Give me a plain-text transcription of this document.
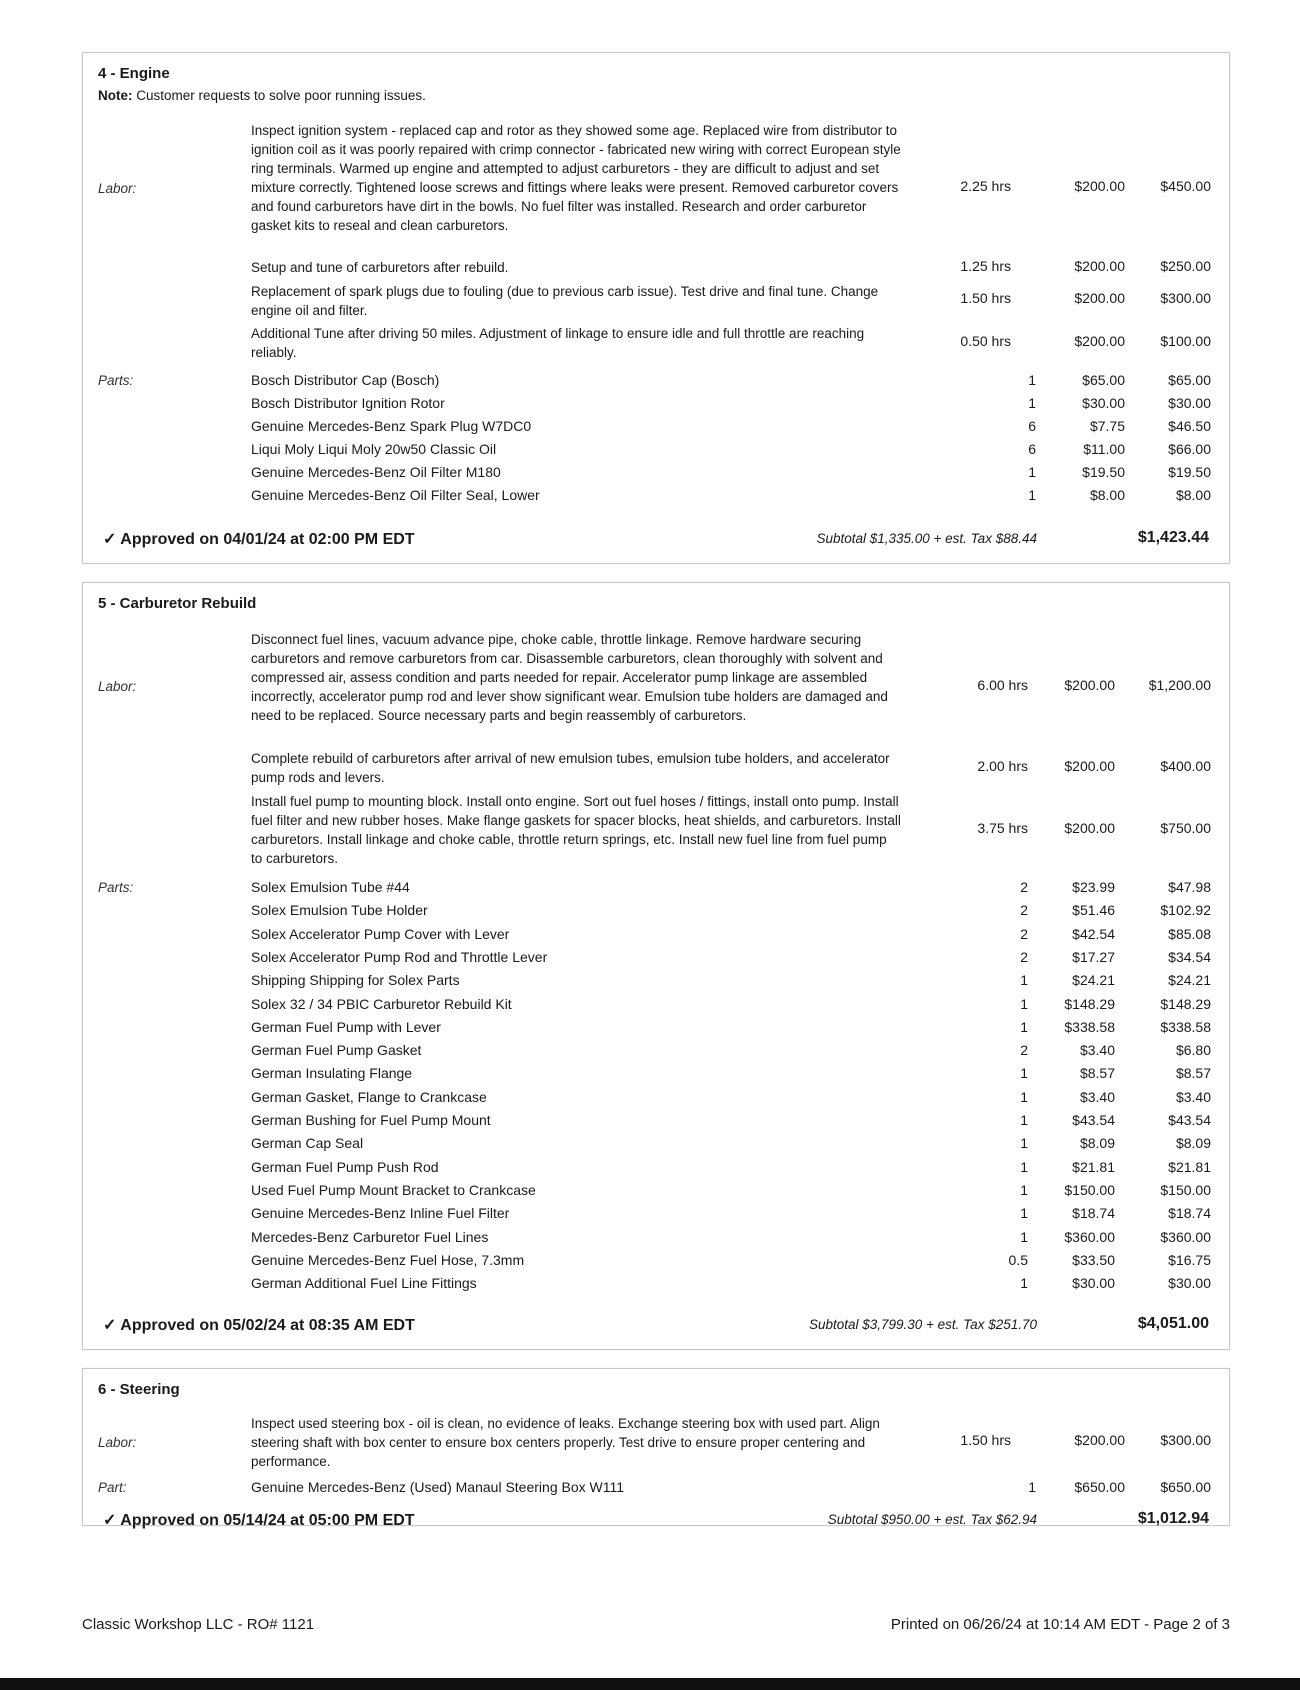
4 - Engine
Note: Customer requests to solve poor running issues.
Labor:
Inspect ignition system - replaced cap and rotor as they showed some age. Replaced wire from distributor to ignition coil as it was poorly repaired with crimp connector - fabricated new wiring with correct European style ring terminals. Warmed up engine and attempted to adjust carburetors - they are difficult to adjust and set mixture correctly. Tightened loose screws and fittings where leaks were present. Removed carburetor covers and found carburetors have dirt in the bowls. No fuel filter was installed. Research and order carburetor gasket kits to reseal and clean carburetors.
2.25 hrs	$200.00	$450.00
Setup and tune of carburetors after rebuild.	1.25 hrs	$200.00	$250.00
Replacement of spark plugs due to fouling (due to previous carb issue). Test drive and final tune. Change engine oil and filter.
1.50 hrs	$200.00	$300.00
Additional Tune after driving 50 miles. Adjustment of linkage to ensure idle and full throttle are reaching reliably.
0.50 hrs	$200.00	$100.00
Parts:	Bosch Distributor Cap (Bosch)	1	$65.00	$65.00
Bosch Distributor Ignition Rotor	1	$30.00	$30.00
Genuine Mercedes-Benz Spark Plug W7DC0	6	$7.75	$46.50
Liqui Moly Liqui Moly 20w50 Classic Oil	6	$11.00	$66.00
Genuine Mercedes-Benz Oil Filter M180	1	$19.50	$19.50
Genuine Mercedes-Benz Oil Filter Seal, Lower	1	$8.00	$8.00
✓ Approved on 04/01/24 at 02:00 PM EDT	Subtotal $1,335.00 + est. Tax $88.44	$1,423.44
5 - Carburetor Rebuild
Labor:
Disconnect fuel lines, vacuum advance pipe, choke cable, throttle linkage. Remove hardware securing carburetors and remove carburetors from car. Disassemble carburetors, clean thoroughly with solvent and compressed air, assess condition and parts needed for repair. Accelerator pump linkage are assembled incorrectly, accelerator pump rod and lever show significant wear. Emulsion tube holders are damaged and need to be replaced. Source necessary parts and begin reassembly of carburetors.
6.00 hrs	$200.00 $1,200.00
Complete rebuild of carburetors after arrival of new emulsion tubes, emulsion tube holders, and accelerator pump rods and levers.
2.00 hrs	$200.00	$400.00
Install fuel pump to mounting block. Install onto engine. Sort out fuel hoses / fittings, install onto pump. Install fuel filter and new rubber hoses. Make flange gaskets for spacer blocks, heat shields, and carburetors. Install carburetors. Install linkage and choke cable, throttle return springs, etc. Install new fuel line from fuel pump to carburetors.
3.75 hrs	$200.00	$750.00
Parts:	Solex Emulsion Tube #44	2	$23.99	$47.98
Solex Emulsion Tube Holder	2	$51.46	$102.92
Solex Accelerator Pump Cover with Lever	2	$42.54	$85.08
Solex Accelerator Pump Rod and Throttle Lever	2	$17.27	$34.54
Shipping Shipping for Solex Parts	1	$24.21	$24.21
Solex 32 / 34 PBIC Carburetor Rebuild Kit	1	$148.29	$148.29
German Fuel Pump with Lever	1	$338.58	$338.58
German Fuel Pump Gasket	2	$3.40	$6.80
German Insulating Flange	1	$8.57	$8.57
German Gasket, Flange to Crankcase	1	$3.40	$3.40
German Bushing for Fuel Pump Mount	1	$43.54	$43.54
German Cap Seal	1	$8.09	$8.09
German Fuel Pump Push Rod	1	$21.81	$21.81
Used Fuel Pump Mount Bracket to Crankcase	1	$150.00	$150.00
Genuine Mercedes-Benz Inline Fuel Filter	1	$18.74	$18.74
Mercedes-Benz Carburetor Fuel Lines	1	$360.00	$360.00
Genuine Mercedes-Benz Fuel Hose, 7.3mm	0.5	$33.50	$16.75
German Additional Fuel Line Fittings	1	$30.00	$30.00
✓ Approved on 05/02/24 at 08:35 AM EDT	Subtotal $3,799.30 + est. Tax $251.70	$4,051.00
6 - Steering
Labor:
Inspect used steering box - oil is clean, no evidence of leaks. Exchange steering box with used part. Align steering shaft with box center to ensure box centers properly. Test drive to ensure proper centering and performance.
1.50 hrs	$200.00	$300.00
Part:	Genuine Mercedes-Benz (Used) Manaul Steering Box W111	1	$650.00	$650.00
✓ Approved on 05/14/24 at 05:00 PM EDT	Subtotal $950.00 + est. Tax $62.94	$1,012.94
Classic Workshop LLC - RO# 1121	Printed on 06/26/24 at 10:14 AM EDT - Page 2 of 3
